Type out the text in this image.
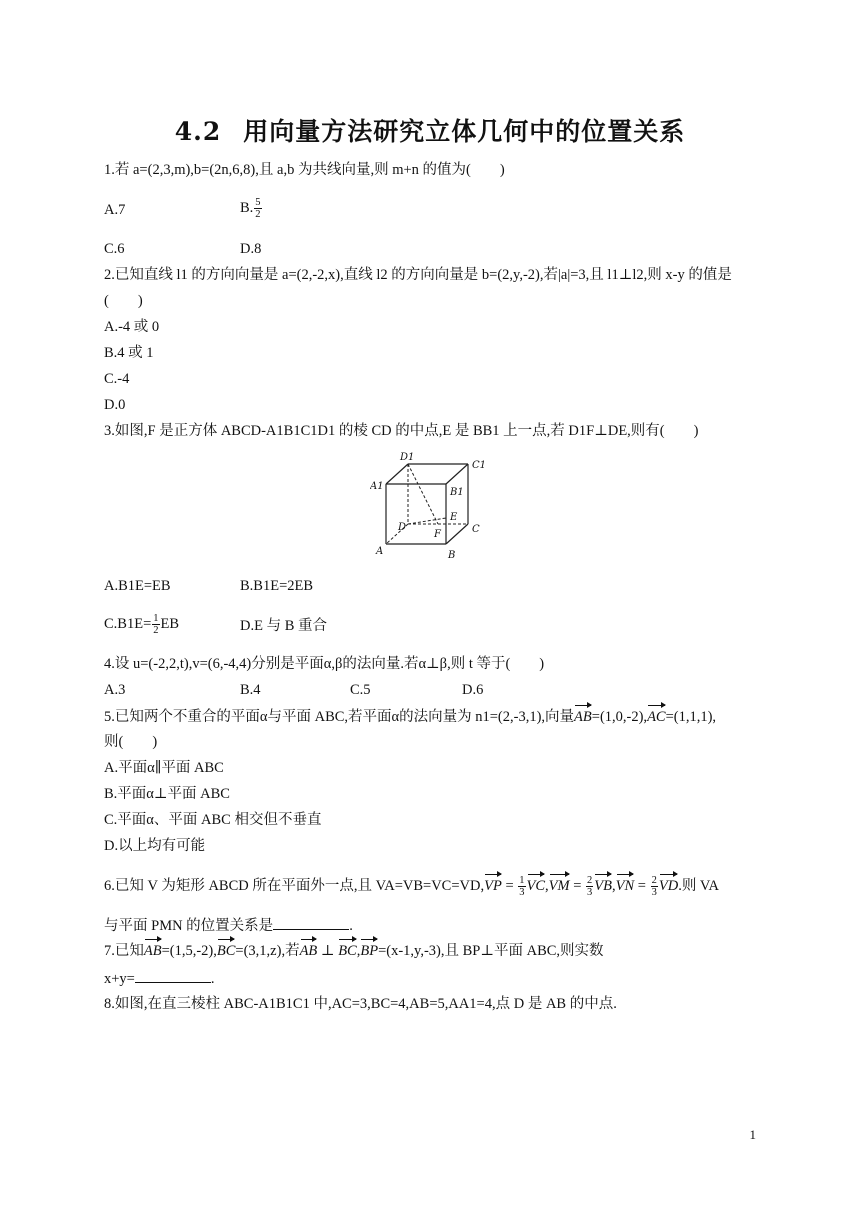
4.2 用向量方法研究立体几何中的位置关系
1.若 a=(2,3,m),b=(2n,6,8),且 a,b 为共线向量,则 m+n 的值为(　　)
A.7	B. $\frac{5}{2}$
C.6	D.8
2.已知直线 l1 的方向向量是 a=(2,-2,x),直线 l2 的方向向量是 b=(2,y,-2),若|a|=3,且 l1⊥l2,则 x-y 的值是
(　　)
A.-4 或 0
B.4 或 1
C.-4
D.0
3.如图,F 是正方体 ABCD-A1B1C1D1 的棱 CD 的中点,E 是 BB1 上一点,若 D1F⊥DE,则有(　　)
D1
C1
A1
B1
D
E
C
F
A	B
A.B1E=EB	B.B1E=2EB
$C.B1E= \frac{1}{2}$ EB	D.E 与 B 重合
4.设 u=(-2,2,t),v=(6,-4,4)分别是平面α,β的法向量.若α⊥β,则 t 等于(　　)
A.3	B.4	C.5	D.6
5.已知两个不重合的平面α与平面 ABC,若平面α的法向量为 n1=(2,-3,1),向量AB=(1,0,-2),AC=(1,1,1),
则(　　)
A.平面α∥平面 ABC
B.平面α⊥平面 ABC
C.平面α、平面 ABC 相交但不垂直
D.以上均有可能
6.已知 V 为矩形 ABCD 所在平面外一点,且 $VA=VB=VC=VD,VP = \frac{1}{3} VC,VM = \frac{2}{3} VB,VN = \frac{2}{3}$ VD.则 VA
与平面 PMN 的位置关系是	.
7.已知AB=(1,5,-2),BC=(3,1,z),若AB ⊥ BC,BP=(x-1,y,-3),且 BP⊥平面 ABC,则实数
x+y=	.
8.如图,在直三棱柱 ABC-A1B1C1 中,AC=3,BC=4,AB=5,AA1=4,点 D 是 AB 的中点.
1
